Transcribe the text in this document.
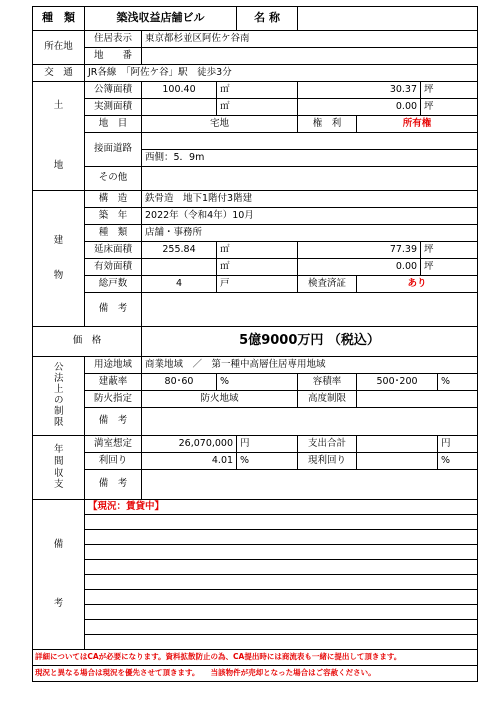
種　類	築浅収益店舗ビル			名 称				
所在地	住居表示	東京都杉並区阿佐ケ谷南						
	地　　番							
交　通	JR各線　「阿佐ケ谷」駅　徒歩3分							
土

地	公簿面積	100.40	㎡		30.37		坪	
	実測面積		㎡		0.00		坪	
	地　目	宅地			権　利	所有権		
	接面道路							
		西側：5．9m						
	その他							
建

物	構　造	鉄骨造　地下1階付3階建						
	築　年	2022年（令和4年）10月						
	種　類	店舗・事務所						
	延床面積	255.84	㎡		77.39		坪	
	有効面積		㎡		0.00		坪	
	総戸数	4	戸		検査済証	あり		
	備　考							
価　格		5億9000万円 （税込）						
公法上の制限	用途地域	商業地域　／　第一種中高層住居専用地域						
	建蔽率	80･60	%		容積率	500･200		%
	防火指定	防火地域			高度制限			
	備　考							
年間収支	満室想定	26,070,000		円	支出合計			円
	利回り	4.01		%	現利回り			%
	備　考							
備

考	【現況：賃貸中】							

詳細についてはCAが必要になります。資料拡散防止の為、CA提出時には商流表も一緒に提出して頂きます。								
現況と異なる場合は現況を優先させて頂きます。　　当該物件が売却となった場合はご容赦ください。								
